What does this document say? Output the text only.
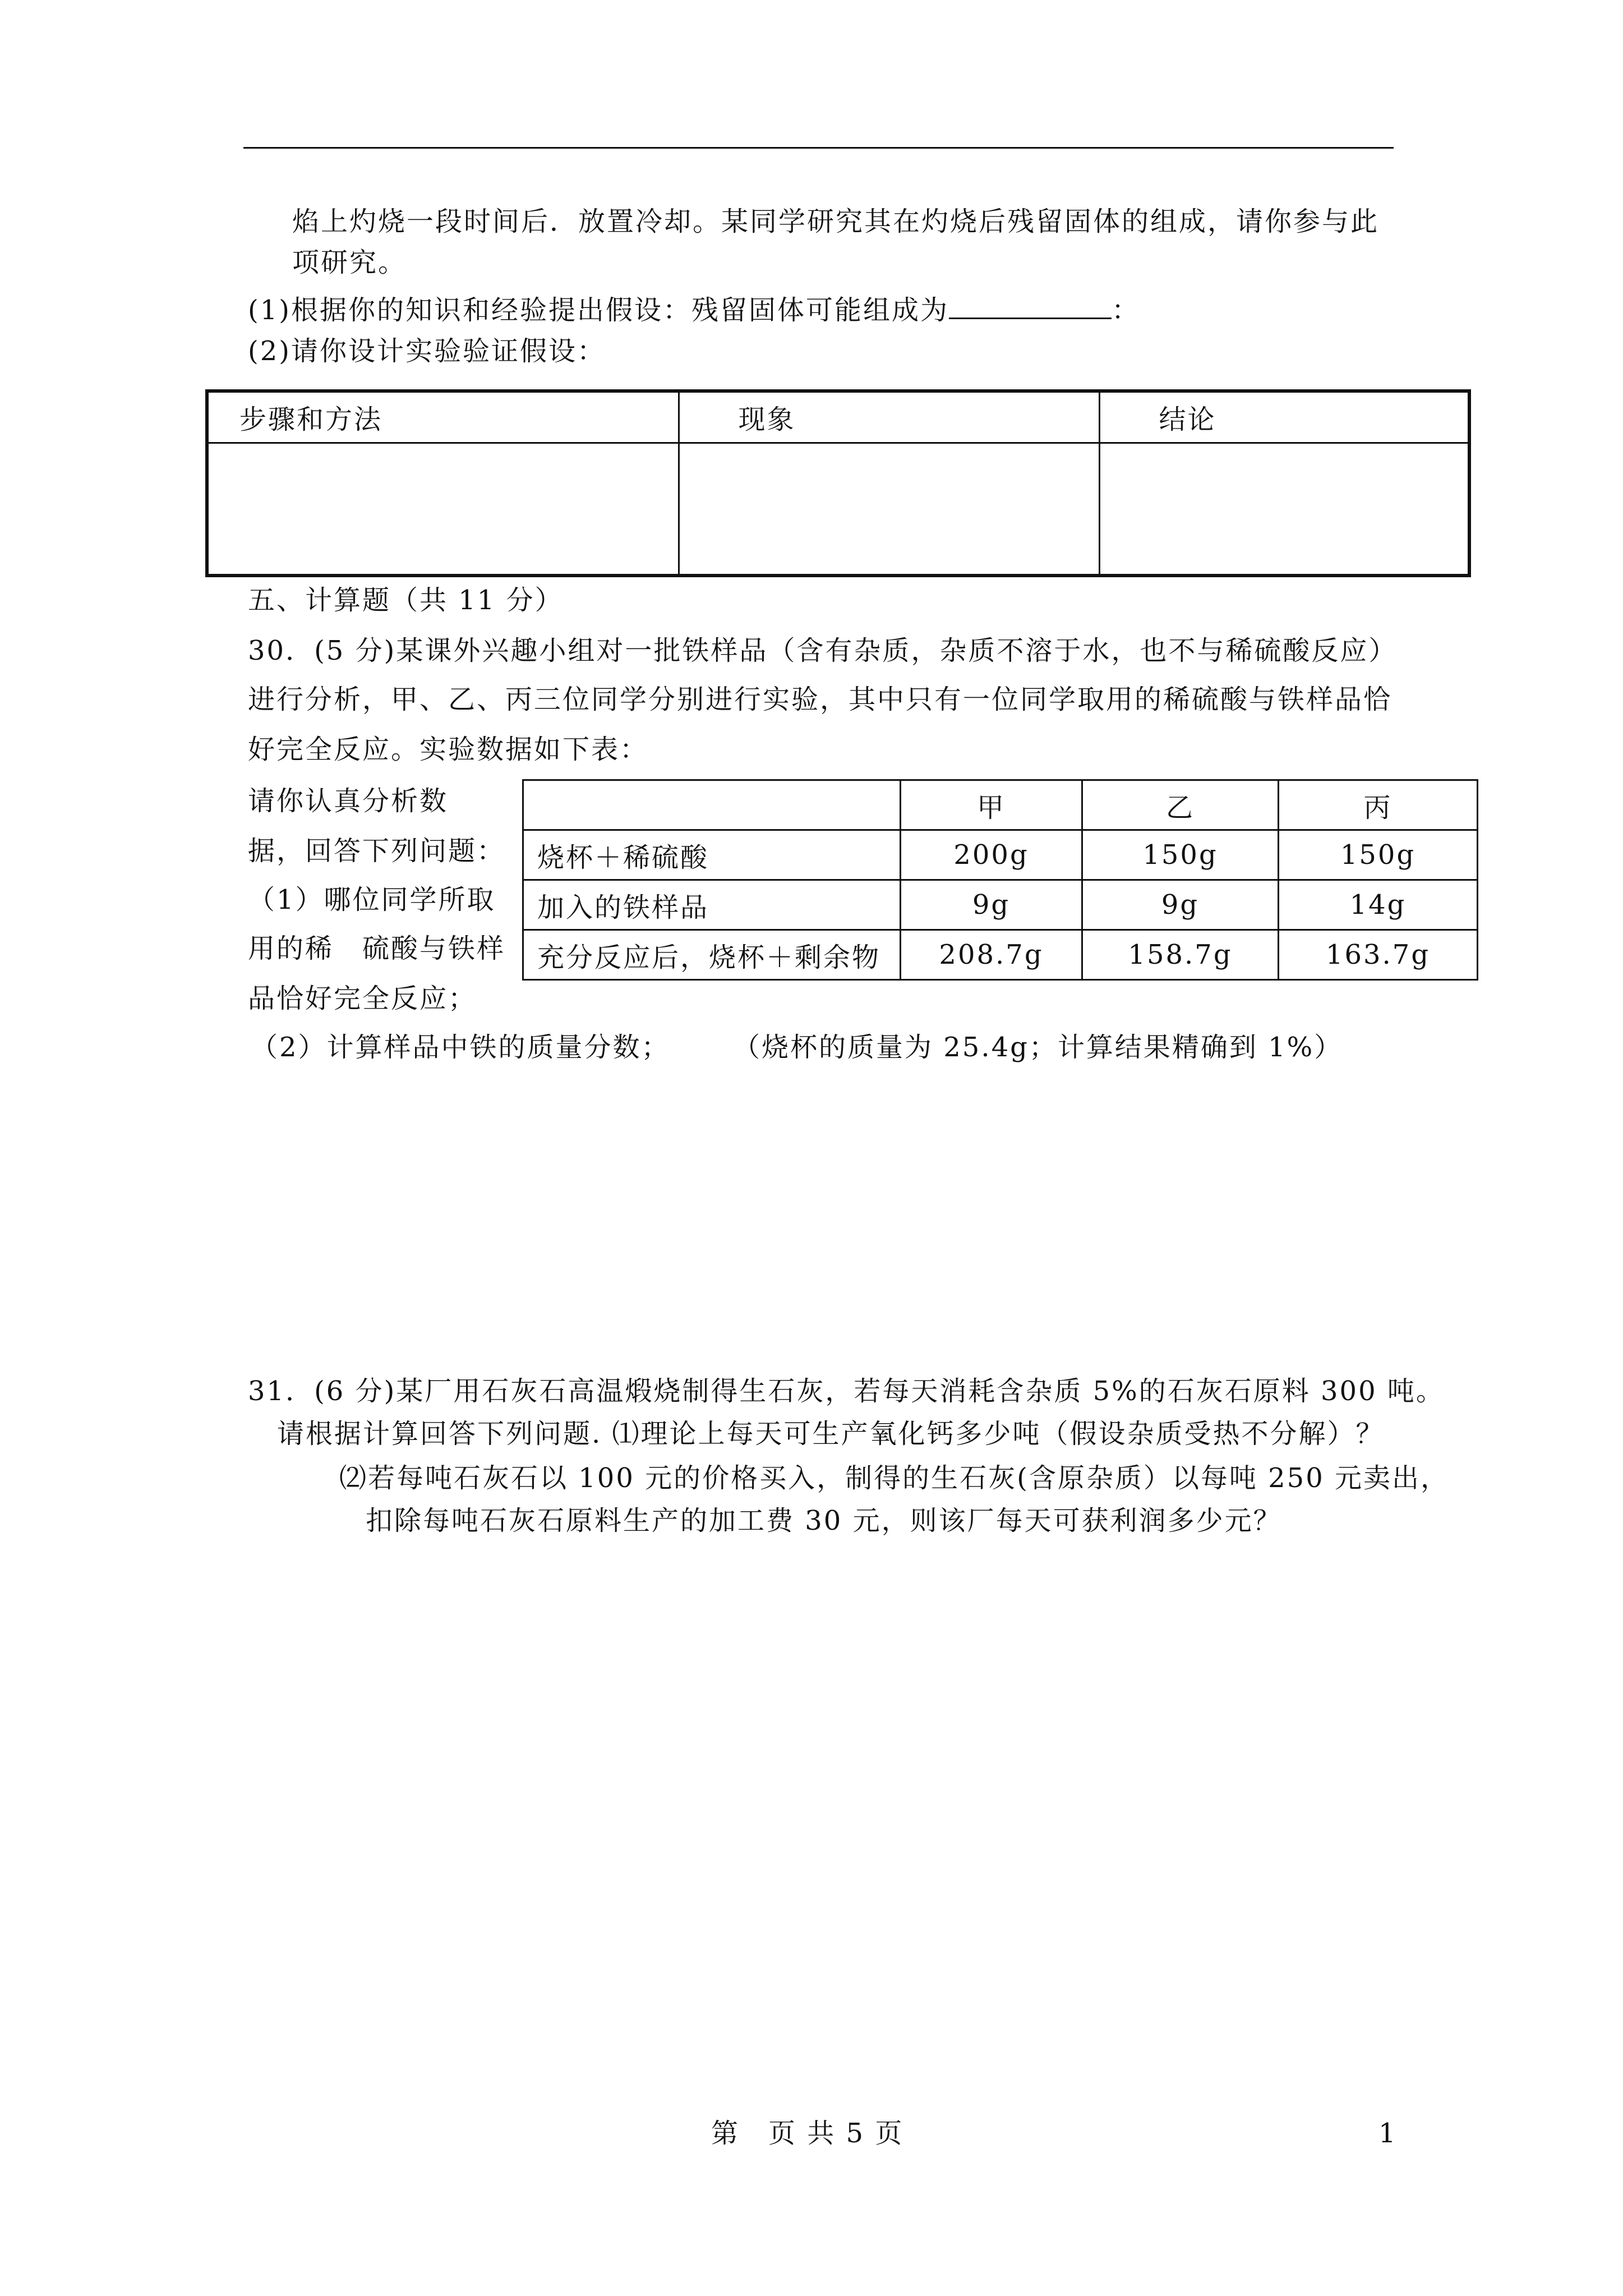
焰上灼烧一段时间后．放置冷却。某同学研究其在灼烧后残留固体的组成，请你参与此
项研究。
(1)根据你的知识和经验提出假设：残留固体可能组成为	：
(2)请你设计实验验证假设：
步骤和方法	现象	结论

五、计算题（共 11 分）
30．(5 分)某课外兴趣小组对一批铁样品（含有杂质，杂质不溶于水，也不与稀硫酸反应）
进行分析，甲、乙、丙三位同学分别进行实验，其中只有一位同学取用的稀硫酸与铁样品恰
好完全反应。实验数据如下表：
请你认真分析数
据，回答下列问题：
（1）哪位同学所取
用的稀　硫酸与铁样
品恰好完全反应；
	甲	乙	丙
烧杯＋稀硫酸	200g	150g	150g
加入的铁样品	9g	9g	14g
充分反应后，烧杯＋剩余物	208.7g	158.7g	163.7g
（2）计算样品中铁的质量分数； （烧杯的质量为 25.4g；计算结果精确到 1%）
31．(6 分)某厂用石灰石高温煅烧制得生石灰，若每天消耗含杂质 5%的石灰石原料 300 吨。
请根据计算回答下列问题. ⑴理论上每天可生产氧化钙多少吨（假设杂质受热不分解）？
⑵若每吨石灰石以 100 元的价格买入，制得的生石灰(含原杂质）以每吨 250 元卖出，
扣除每吨石灰石原料生产的加工费 30 元，则该厂每天可获利润多少元？
第　页 共 5 页	1
